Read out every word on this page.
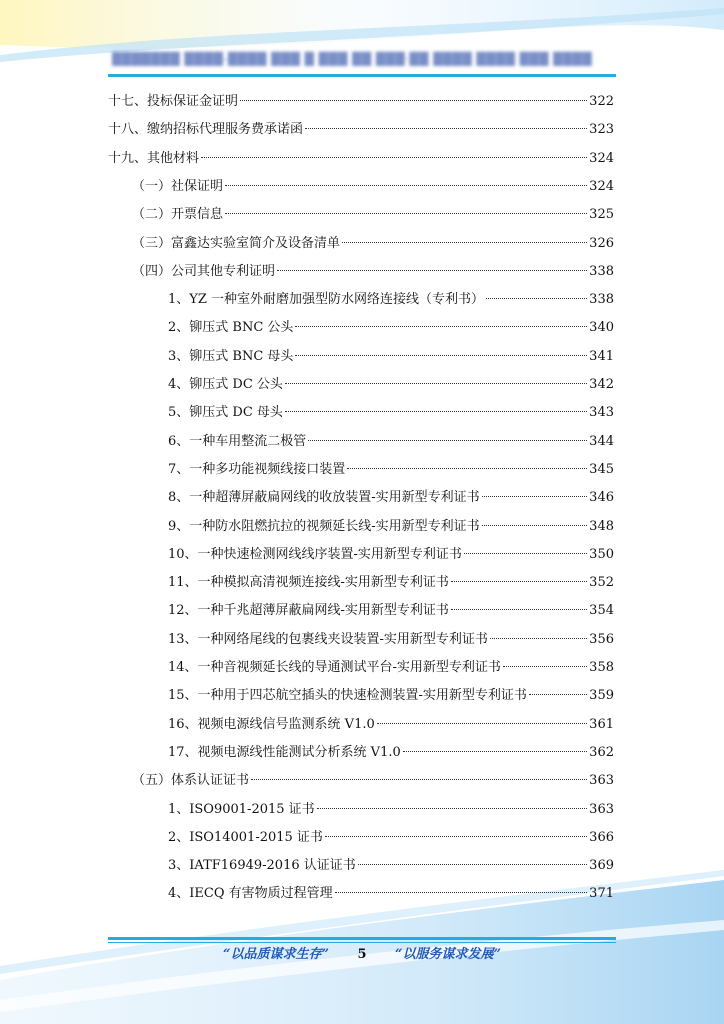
███████ ████-████ ███ █ ███ ██ ███·██ ████ ████ ███ ████
十七、投标保证金证明	322
十八、缴纳招标代理服务费承诺函	323
十九、其他材料	324
（一）社保证明	324
（二）开票信息	325
（三）富鑫达实验室简介及设备清单	326
（四）公司其他专利证明	338
1、YZ 一种室外耐磨加强型防水网络连接线（专利书）	338
2、铆压式 BNC 公头	340
3、铆压式 BNC 母头	341
4、铆压式 DC 公头	342
5、铆压式 DC 母头	343
6、一种车用整流二极管	344
7、一种多功能视频线接口装置	345
8、一种超薄屏蔽扁网线的收放装置-实用新型专利证书	346
9、一种防水阻燃抗拉的视频延长线-实用新型专利证书	348
10、一种快速检测网线线序装置-实用新型专利证书	350
11、一种模拟高清视频连接线-实用新型专利证书	352
12、一种千兆超薄屏蔽扁网线-实用新型专利证书	354
13、一种网络尾线的包裹线夹设装置-实用新型专利证书	356
14、一种音视频延长线的导通测试平台-实用新型专利证书	358
15、一种用于四芯航空插头的快速检测装置-实用新型专利证书	359
16、视频电源线信号监测系统 V1.0	361
17、视频电源线性能测试分析系统 V1.0	362
（五）体系认证证书	363
1、ISO9001-2015 证书	363
2、ISO14001-2015 证书	366
3、IATF16949-2016 认证证书	369
4、IECQ 有害物质过程管理	371
“以品质谋求生存” 5 “以服务谋求发展”
